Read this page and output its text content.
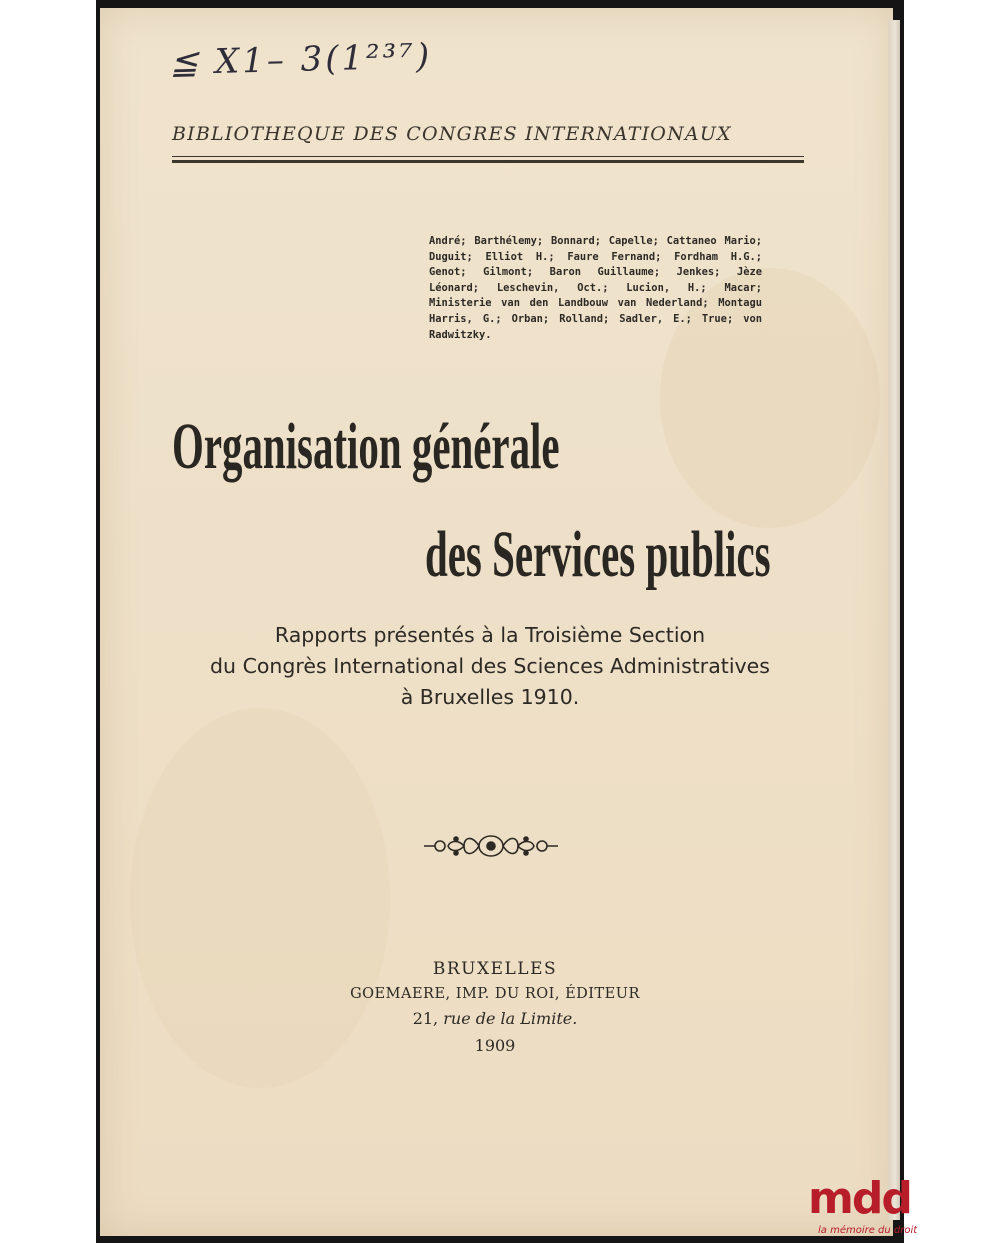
≦ X1– 3(1²³⁷)
BIBLIOTHEQUE DES CONGRES INTERNATIONAUX
André; Barthélemy; Bonnard; Capelle; Cattaneo Mario; Duguit; Elliot H.; Faure Fernand; Fordham H.G.; Genot; Gilmont; Baron Guillaume; Jenkes; Jèze Léonard; Leschevin, Oct.; Lucion, H.; Macar; Ministerie van den Landbouw van Nederland; Montagu Harris, G.; Orban; Rolland; Sadler, E.; True; von Radwitzky.
Organisation générale
des Services publics
Rapports présentés à la Troisième Section
du Congrès International des Sciences Administratives
à Bruxelles 1910.
BRUXELLES
GOEMAERE, IMP. DU ROI, ÉDITEUR
21, rue de la Limite.
1909
mdd
la mémoire du droit
